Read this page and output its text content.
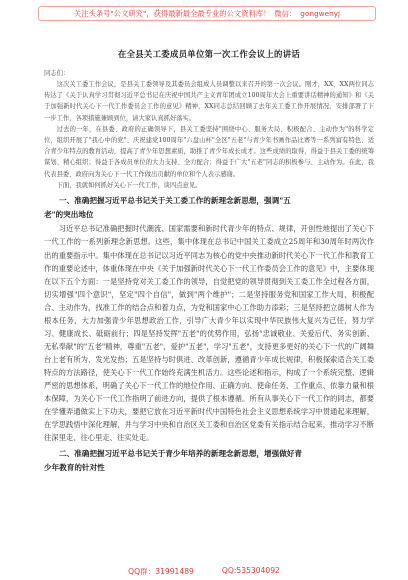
关注头条号"公文研究"，获得最新最全最专业的公文资料库！ 微信： gongwenyj
在全县关工委成员单位第一次工作会议上的讲话
同志们：

这次关工委工作会议，是县关工委领导及其委员会组成人员调整以来召开的第一次会议。刚才，XX、XX两位同志传达了《关于认真学习贯彻习近平总书记在庆祝中国共产主义青年团成立100周年大会上重要讲话精神的通知》和《关于加强新时代关心下一代工作委员会工作的意见》精神，XX同志总结回顾了去年关工委工作开展情况，安排部署了下一步工作，各项措施兼顾到位，请大家认真抓好落实。

过去的一年，在县委、政府的正确领导下，县关工委坚持"围绕中心、服务大局、积极配合、主动作为"的科学定位，组织开展了"我心中的党"、庆祝建党100周年"六盘山杯"全区"五老"与青少年书画作品比赛等一系列富有特色、适合青少年特点的教育活动，提高了青少年思想素质，助推了青少年成长成才。这些成绩的取得，得益于县关工委的统筹谋划、精心组织；得益于各成员单位的大力支持、全力配合；得益于广大"五老"同志的积极参与、主动作为。在此，我代表县委、政府向为关心下一代工作做出贡献的单位和个人表示感谢。

下面，我就如何抓好关心下一代工作，谈四点意见。

一、准确把握习近平总书记关于关工委工作的新理念新思想，强调"五
老"的突出地位

习近平总书记准确把握时代潮流、国家需要和新时代青少年的特点、规律，开创性地提出了关心下一代工作的一系列新理念新思想。这些，集中体现在总书记中国关工委成立25周年和30周年时两次作出的重要指示中。集中体现在总书记以习近平同志为核心的党中央推动新时代关心下一代工作和教育工作的重要论述中，体重体现在中央《关于加强新时代关心下一代工作委员会工作的意见》中，主要体现在以下五个方面：一是坚持党对关工委工作的领导，自觉把党的领导贯彻到关工委工作全过程各方面，切实增强"四个意识"，坚定"四个自信"，做到"两个维护"；二是坚持服务党和国家工作大局，积极配合、主动作为，找准工作的结合点和着力点，为党和国家中心工作助力添彩；三是坚持把立德树人作为根本任务，大力加强青少年思想政治工作，引导广大青少年以实现中华民族伟大复兴为己任，努力学习、健康成长、砥砺前行；四是坚持发挥"五老"的优势作用，弘扬"忠诚敬业、关爱后代、务实创新、无私奉献"的"五老"精神，尊重"五老"，爱护"五老"，学习"五老"，支持更多更好的关心下一代的广阔舞台上老有所为、发光发热；五是坚持与时俱进、改革创新，遵循青少年成长规律，积极探索适合关工委特点的方法路径，使关心下一代工作始终充满生机活力。这些论述和指示，构成了一个系统完整、逻辑严密的思想体系，明确了关心下一代工作的地位作用、正确方向、使命任务、工作重点、依靠力量和根本保障，为关心下一代工作指明了前进方向，提供了根本遵循。所有从事关心下一代工作的同志，都要在学懂弄通做实上下功夫，要把它放在习近平新时代中国特色社会主义思想系统学习中贯通起来理解，在学思践悟中深化理解，并与学习中央和自治区关工委和自治区党委有关指示结合起来，推动学习不断往深里走、往心里走、往实处走。

二、准确把握习近平总书记关于青少年培养的新理念新思想，增强做好青
少年教育的针对性
QQ群：31991489	QQ:535304092
